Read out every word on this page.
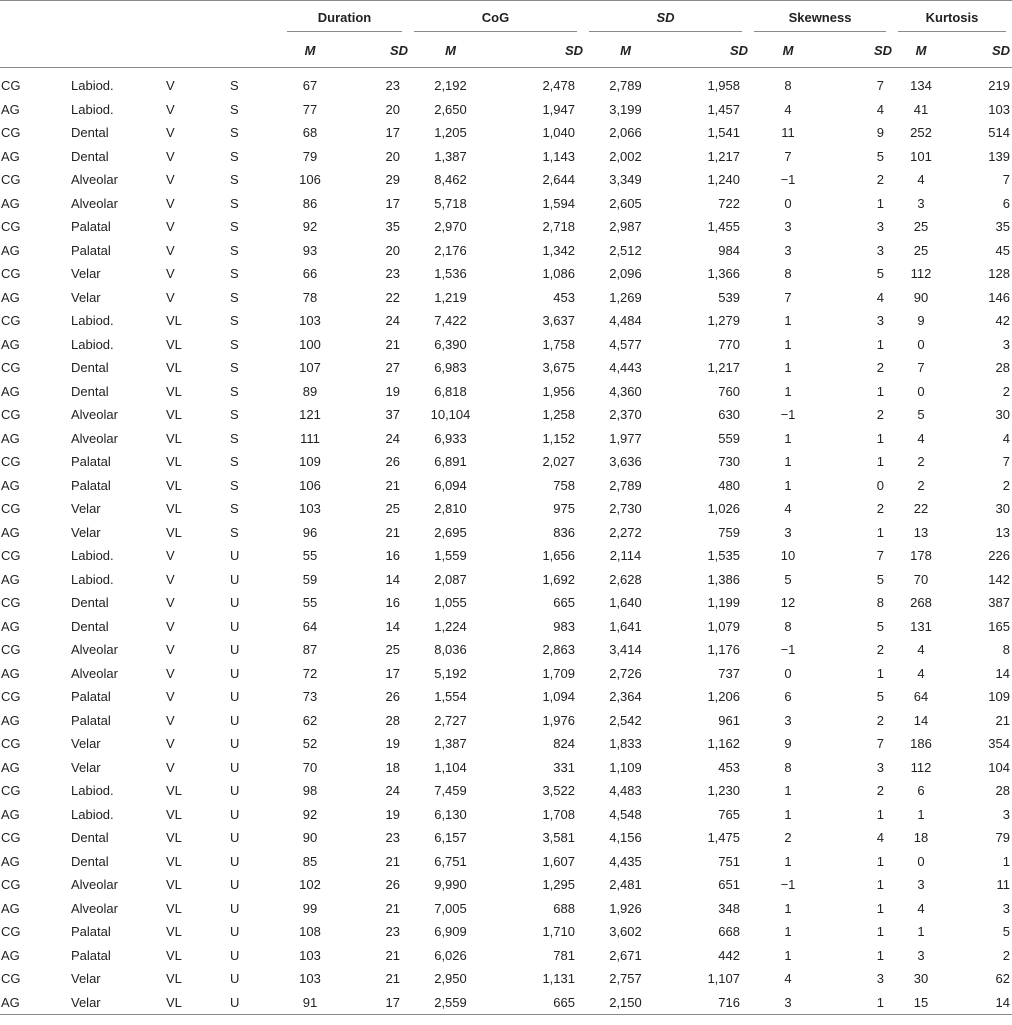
				Duration		CoG		SD		Skewness		Kurtosis	

				M	SD	M	SD	M	SD	M	SD	M	SD
CG	Labiod.	V	S	67	23	2,192	2,478	2,789	1,958	8	7	134	219
AG	Labiod.	V	S	77	20	2,650	1,947	3,199	1,457	4	4	41	103
CG	Dental	V	S	68	17	1,205	1,040	2,066	1,541	11	9	252	514
AG	Dental	V	S	79	20	1,387	1,143	2,002	1,217	7	5	101	139
CG	Alveolar	V	S	106	29	8,462	2,644	3,349	1,240	−1	2	4	7
AG	Alveolar	V	S	86	17	5,718	1,594	2,605	722	0	1	3	6
CG	Palatal	V	S	92	35	2,970	2,718	2,987	1,455	3	3	25	35
AG	Palatal	V	S	93	20	2,176	1,342	2,512	984	3	3	25	45
CG	Velar	V	S	66	23	1,536	1,086	2,096	1,366	8	5	112	128
AG	Velar	V	S	78	22	1,219	453	1,269	539	7	4	90	146
CG	Labiod.	VL	S	103	24	7,422	3,637	4,484	1,279	1	3	9	42
AG	Labiod.	VL	S	100	21	6,390	1,758	4,577	770	1	1	0	3
CG	Dental	VL	S	107	27	6,983	3,675	4,443	1,217	1	2	7	28
AG	Dental	VL	S	89	19	6,818	1,956	4,360	760	1	1	0	2
CG	Alveolar	VL	S	121	37	10,104	1,258	2,370	630	−1	2	5	30
AG	Alveolar	VL	S	111	24	6,933	1,152	1,977	559	1	1	4	4
CG	Palatal	VL	S	109	26	6,891	2,027	3,636	730	1	1	2	7
AG	Palatal	VL	S	106	21	6,094	758	2,789	480	1	0	2	2
CG	Velar	VL	S	103	25	2,810	975	2,730	1,026	4	2	22	30
AG	Velar	VL	S	96	21	2,695	836	2,272	759	3	1	13	13
CG	Labiod.	V	U	55	16	1,559	1,656	2,114	1,535	10	7	178	226
AG	Labiod.	V	U	59	14	2,087	1,692	2,628	1,386	5	5	70	142
CG	Dental	V	U	55	16	1,055	665	1,640	1,199	12	8	268	387
AG	Dental	V	U	64	14	1,224	983	1,641	1,079	8	5	131	165
CG	Alveolar	V	U	87	25	8,036	2,863	3,414	1,176	−1	2	4	8
AG	Alveolar	V	U	72	17	5,192	1,709	2,726	737	0	1	4	14
CG	Palatal	V	U	73	26	1,554	1,094	2,364	1,206	6	5	64	109
AG	Palatal	V	U	62	28	2,727	1,976	2,542	961	3	2	14	21
CG	Velar	V	U	52	19	1,387	824	1,833	1,162	9	7	186	354
AG	Velar	V	U	70	18	1,104	331	1,109	453	8	3	112	104
CG	Labiod.	VL	U	98	24	7,459	3,522	4,483	1,230	1	2	6	28
AG	Labiod.	VL	U	92	19	6,130	1,708	4,548	765	1	1	1	3
CG	Dental	VL	U	90	23	6,157	3,581	4,156	1,475	2	4	18	79
AG	Dental	VL	U	85	21	6,751	1,607	4,435	751	1	1	0	1
CG	Alveolar	VL	U	102	26	9,990	1,295	2,481	651	−1	1	3	11
AG	Alveolar	VL	U	99	21	7,005	688	1,926	348	1	1	4	3
CG	Palatal	VL	U	108	23	6,909	1,710	3,602	668	1	1	1	5
AG	Palatal	VL	U	103	21	6,026	781	2,671	442	1	1	3	2
CG	Velar	VL	U	103	21	2,950	1,131	2,757	1,107	4	3	30	62
AG	Velar	VL	U	91	17	2,559	665	2,150	716	3	1	15	14
